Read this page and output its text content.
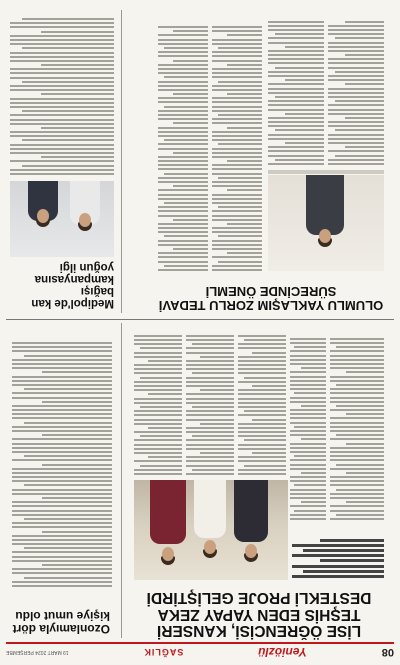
08
Yeniözlü
SAĞLIK
19 MART 2024 PERŞEMBE
LİSE ÖĞRENCİSİ, KANSERİ TEŞHİS EDEN YAPAY ZEKA DESTEKLİ PROJE GELİŞTİRDİ
Ozonlamıyla dört kişiye umut oldu
OLUMLU YAKLAŞIM ZORLU TEDAVİ SÜRECİNDE ÖNEMLİ
Medipol'de kan bağışı kampanyasına yoğun ilgi
